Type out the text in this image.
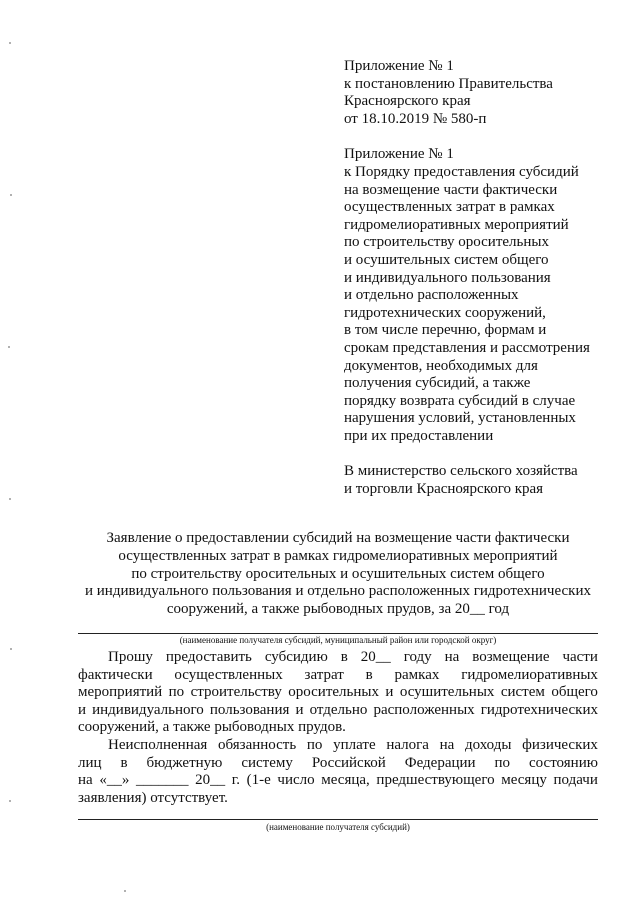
Приложение № 1
к постановлению Правительства
Красноярского края
от 18.10.2019 № 580-п
Приложение № 1
к Порядку предоставления субсидий
на возмещение части фактически
осуществленных затрат в рамках
гидромелиоративных мероприятий
по строительству оросительных
и осушительных систем общего
и индивидуального пользования
и отдельно расположенных
гидротехнических сооружений,
в том числе перечню, формам и
срокам представления и рассмотрения
документов, необходимых для
получения субсидий, а также
порядку возврата субсидий в случае
нарушения условий, установленных
при их предоставлении
В министерство сельского хозяйства
и торговли Красноярского края
Заявление о предоставлении субсидий на возмещение части фактически
осуществленных затрат в рамках гидромелиоративных мероприятий
по строительству оросительных и осушительных систем общего
и индивидуального пользования и отдельно расположенных гидротехнических
сооружений, а также рыбоводных прудов, за 20__ год
(наименование получателя субсидий, муниципальный район или городской округ)
Прошу предоставить субсидию в 20__ году на возмещение части
фактически осуществленных затрат в рамках гидромелиоративных
мероприятий по строительству оросительных и осушительных систем общего
и индивидуального пользования и отдельно расположенных гидротехнических
сооружений, а также рыбоводных прудов.
Неисполненная обязанность по уплате налога на доходы физических
лиц в бюджетную систему Российской Федерации по состоянию
на «__» _______ 20__ г. (1-е число месяца, предшествующего месяцу подачи
заявления) отсутствует.
(наименование получателя субсидий)
